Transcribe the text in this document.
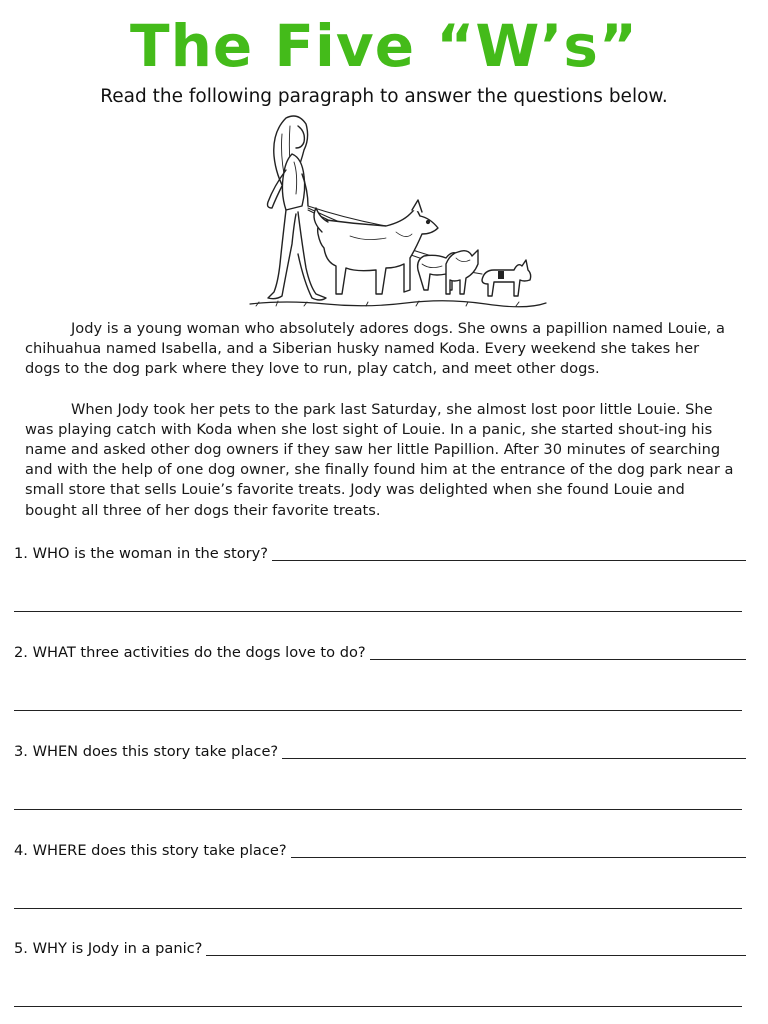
The Five “W’s”
Read the following paragraph to answer the questions below.

Jody is a young woman who absolutely adores dogs. She owns a papillion named Louie, a chihuahua named Isabella, and a Siberian husky named Koda. Every weekend she takes her dogs to the dog park where they love to run, play catch, and meet other dogs.

When Jody took her pets to the park last Saturday, she almost lost poor little Louie. She was playing catch with Koda when she lost sight of Louie. In a panic, she started shout-ing his name and asked other dog owners if they saw her little Papillion. After 30 minutes of searching and with the help of one dog owner, she finally found him at the entrance of the dog park near a small store that sells Louie’s favorite treats. Jody was delighted when she found Louie and bought all three of her dogs their favorite treats.

1. WHO is the woman in the story?
2. WHAT three activities do the dogs love to do?
3. WHEN does this story take place?
4. WHERE does this story take place?
5. WHY is Jody in a panic?
